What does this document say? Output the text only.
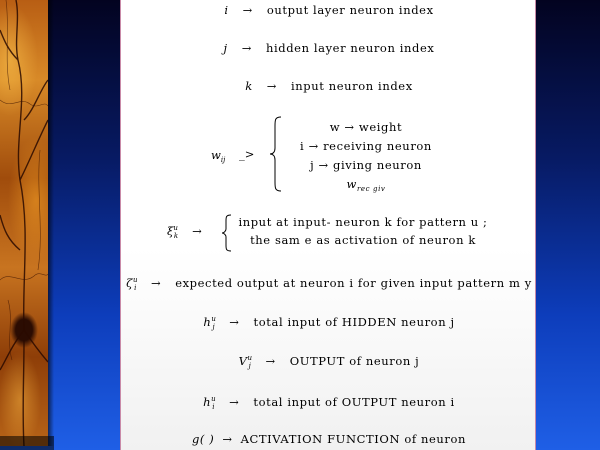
i → output layer neuron index
j → hidden layer neuron index
k → input neuron index
$w_{ij}$ _>
w → weight
i → receiving neuron
j → giving neuron
$w_{rec giv}$
$\xi^u_k$ →
input at input- neuron k for pattern u ;
the sam e as activation of neuron k
$\zeta^u_i$ → expected output at neuron i for given input pattern m y
$h^u_j$ → total input of HIDDEN neuron j
$V^u_j$ → OUTPUT of neuron j
$h^u_i$ → total input of OUTPUT neuron i
g( ) → ACTIVATION FUNCTION of neuron
